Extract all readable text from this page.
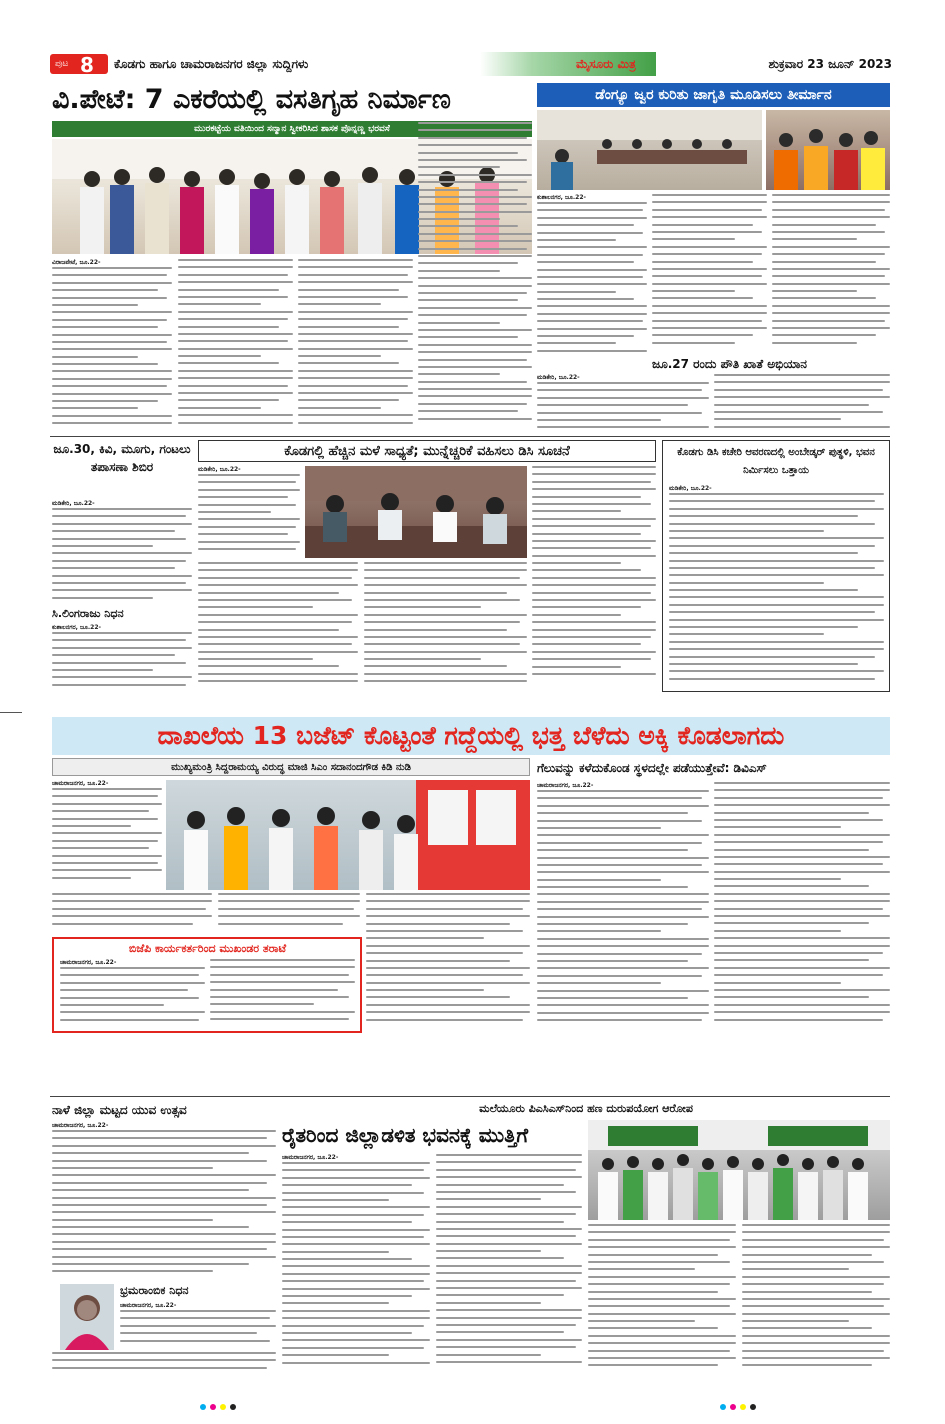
ಪುಟ 8 ಕೊಡಗು ಹಾಗೂ ಚಾಮರಾಜನಗರ ಜಿಲ್ಲಾ ಸುದ್ದಿಗಳು	ಮೈಸೂರು ಮಿತ್ರ	ಶುಕ್ರವಾರ 23 ಜೂನ್ 2023
ವಿ.ಪೇಟೆ: 7 ಎಕರೆಯಲ್ಲಿ ವಸತಿಗೃಹ ನಿರ್ಮಾಣ
ಮುರಕಟ್ಟೆಯ ವತಿಯಿಂದ ಸನ್ಮಾನ ಸ್ವೀಕರಿಸಿದ ಶಾಸಕ ಪೊನ್ನಣ್ಣ ಭರವಸೆ
ವಿರಾಜಪೇಟೆ, ಜೂ.22-
ಡೆಂಗ್ಯೂ ಜ್ವರ ಕುರಿತು ಜಾಗೃತಿ ಮೂಡಿಸಲು ತೀರ್ಮಾನ
ಕುಶಾಲನಗರ, ಜೂ.22-
ಜೂ.27 ರಂದು ಪೌತಿ ಖಾತೆ ಅಭಿಯಾನ
ಮಡಿಕೇರಿ, ಜೂ.22-
ಜೂ.30, ಕಿವಿ, ಮೂಗು, ಗಂಟಲು ತಪಾಸಣಾ ಶಿಬಿರ
ಮಡಿಕೇರಿ, ಜೂ.22-
ಸಿ.ಲಿಂಗರಾಜು ನಿಧನ
ಕುಶಾಲನಗರ, ಜೂ.22-
ಕೊಡಗಲ್ಲಿ ಹೆಚ್ಚಿನ ಮಳೆ ಸಾಧ್ಯತೆ; ಮುನ್ನೆಚ್ಚರಿಕೆ ವಹಿಸಲು ಡಿಸಿ ಸೂಚನೆ
ಮಡಿಕೇರಿ, ಜೂ.22-
ಕೊಡಗು ಡಿಸಿ ಕಚೇರಿ ಆವರಣದಲ್ಲಿ ಅಂಬೇಡ್ಕರ್ ಪುತ್ಥಳಿ, ಭವನ ನಿರ್ಮಿಸಲು ಒತ್ತಾಯ
ಮಡಿಕೇರಿ, ಜೂ.22-
ದಾಖಲೆಯ 13 ಬಜೆಟ್ ಕೊಟ್ಟಂತೆ ಗದ್ದೆಯಲ್ಲಿ ಭತ್ತ ಬೆಳೆದು ಅಕ್ಕಿ ಕೊಡಲಾಗದು
ಮುಖ್ಯಮಂತ್ರಿ ಸಿದ್ದರಾಮಯ್ಯ ವಿರುದ್ಧ ಮಾಜಿ ಸಿಎಂ ಸದಾನಂದಗೌಡ ಕಿಡಿ ನುಡಿ
ಚಾಮರಾಜನಗರ, ಜೂ.22-
ಬಿಜೆಪಿ ಕಾರ್ಯಕರ್ತರಿಂದ ಮುಖಂಡರ ತರಾಟೆ
ಚಾಮರಾಜನಗರ, ಜೂ.22-
ಗೆಲುವನ್ನು ಕಳೆದುಕೊಂಡ ಸ್ಥಳದಲ್ಲೇ ಪಡೆಯುತ್ತೇವೆ: ಡಿವಿಎಸ್
ಚಾಮರಾಜನಗರ, ಜೂ.22-
ನಾಳೆ ಜಿಲ್ಲಾ ಮಟ್ಟದ ಯುವ ಉತ್ಸವ
ಚಾಮರಾಜನಗರ, ಜೂ.22-
ಭ್ರಮರಾಂಬಿಕ ನಿಧನ
ಚಾಮರಾಜನಗರ, ಜೂ.22-
ಮಲೆಯೂರು ಪಿಎಸಿಎಸ್‌ನಿಂದ ಹಣ ದುರುಪಯೋಗ ಆರೋಪ
ರೈತರಿಂದ ಜಿಲ್ಲಾಡಳಿತ ಭವನಕ್ಕೆ ಮುತ್ತಿಗೆ
ಚಾಮರಾಜನಗರ, ಜೂ.22-
